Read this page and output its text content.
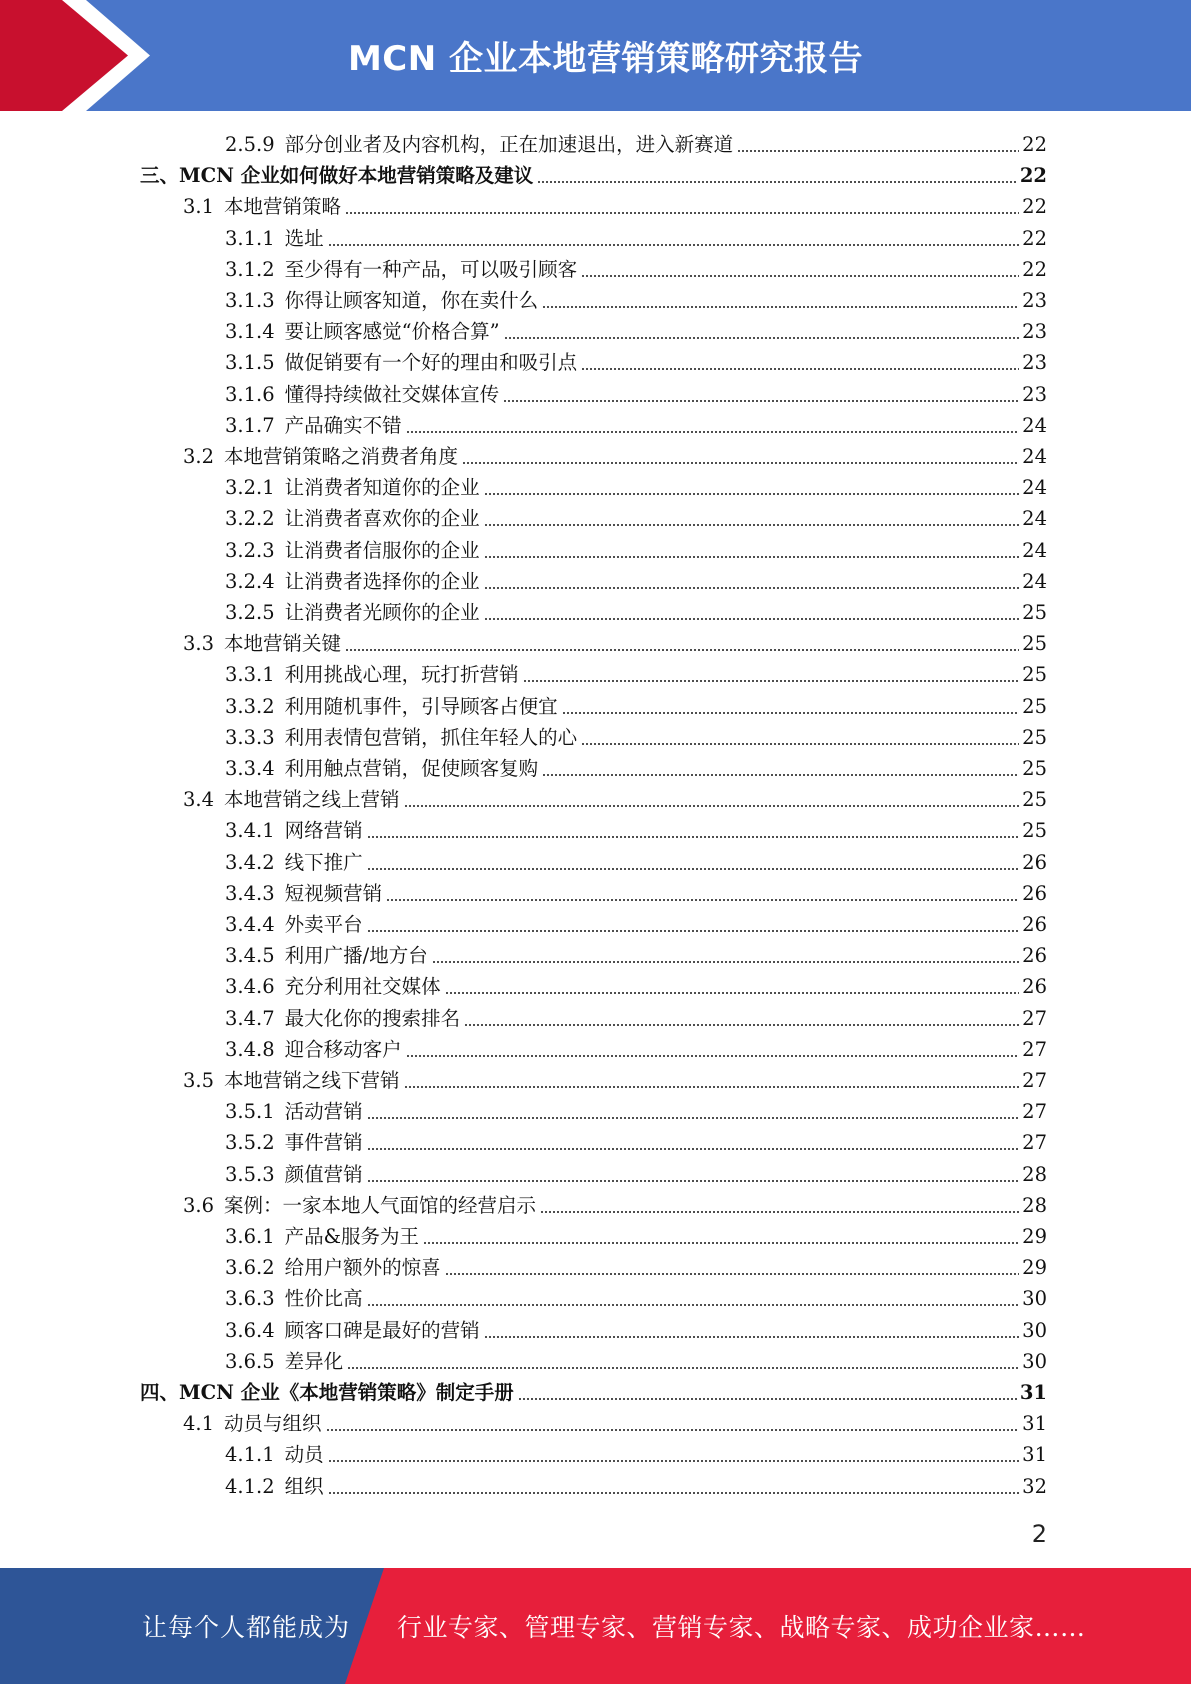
MCN 企业本地营销策略研究报告
2.5.9 部分创业者及内容机构，正在加速退出，进入新赛道	22
三、MCN 企业如何做好本地营销策略及建议	22
3.1 本地营销策略	22
3.1.1 选址	22
3.1.2 至少得有一种产品，可以吸引顾客	22
3.1.3 你得让顾客知道，你在卖什么	23
3.1.4 要让顾客感觉“价格合算”	23
3.1.5 做促销要有一个好的理由和吸引点	23
3.1.6 懂得持续做社交媒体宣传	23
3.1.7 产品确实不错	24
3.2 本地营销策略之消费者角度	24
3.2.1 让消费者知道你的企业	24
3.2.2 让消费者喜欢你的企业	24
3.2.3 让消费者信服你的企业	24
3.2.4 让消费者选择你的企业	24
3.2.5 让消费者光顾你的企业	25
3.3 本地营销关键	25
3.3.1 利用挑战心理，玩打折营销	25
3.3.2 利用随机事件，引导顾客占便宜	25
3.3.3 利用表情包营销，抓住年轻人的心	25
3.3.4 利用触点营销，促使顾客复购	25
3.4 本地营销之线上营销	25
3.4.1 网络营销	25
3.4.2 线下推广	26
3.4.3 短视频营销	26
3.4.4 外卖平台	26
3.4.5 利用广播/地方台	26
3.4.6 充分利用社交媒体	26
3.4.7 最大化你的搜索排名	27
3.4.8 迎合移动客户	27
3.5 本地营销之线下营销	27
3.5.1 活动营销	27
3.5.2 事件营销	27
3.5.3 颜值营销	28
3.6 案例：一家本地人气面馆的经营启示	28
3.6.1 产品&服务为王	29
3.6.2 给用户额外的惊喜	29
3.6.3 性价比高	30
3.6.4 顾客口碑是最好的营销	30
3.6.5 差异化	30
四、MCN 企业《本地营销策略》制定手册	31
4.1 动员与组织	31
4.1.1 动员	31
4.1.2 组织	32
2
让每个人都能成为 行业专家、管理专家、营销专家、战略专家、成功企业家……
